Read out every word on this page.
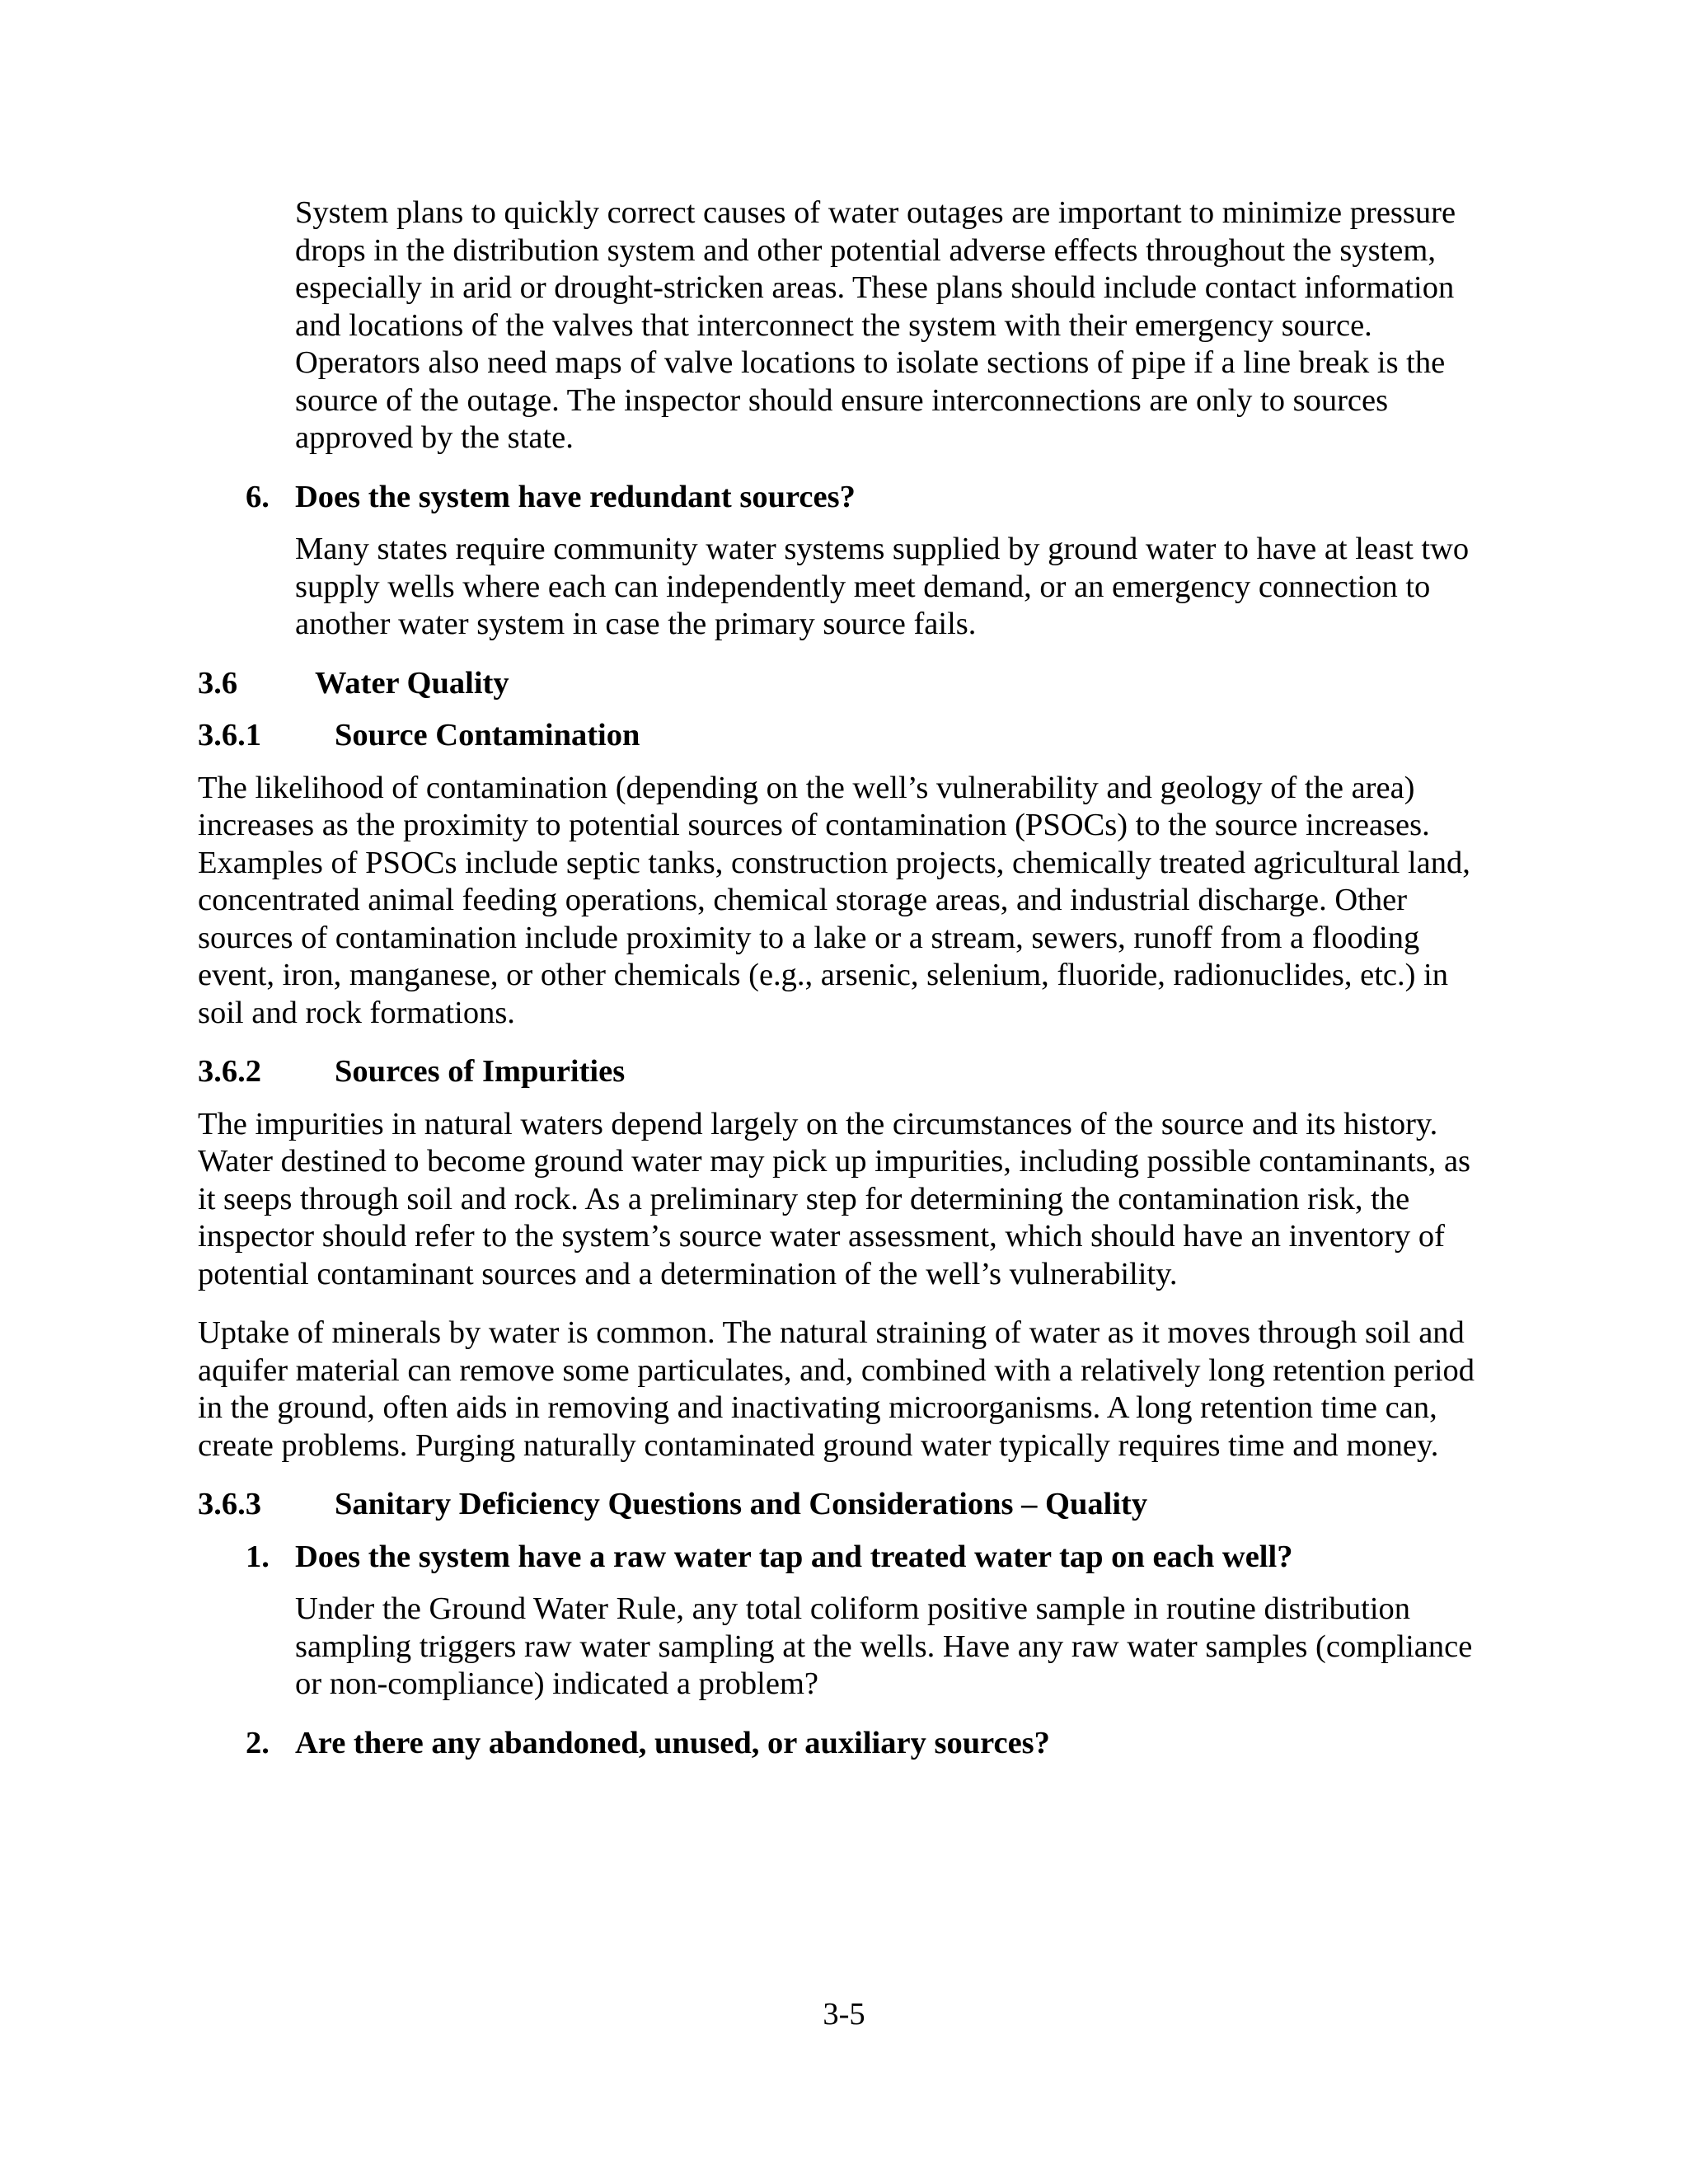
System plans to quickly correct causes of water outages are important to minimize pressure drops in the distribution system and other potential adverse effects throughout the system, especially in arid or drought-stricken areas. These plans should include contact information and locations of the valves that interconnect the system with their emergency source. Operators also need maps of valve locations to isolate sections of pipe if a line break is the source of the outage. The inspector should ensure interconnections are only to sources approved by the state.

6. Does the system have redundant sources?

Many states require community water systems supplied by ground water to have at least two supply wells where each can independently meet demand, or an emergency connection to another water system in case the primary source fails.

3.6	Water Quality
3.6.1	Source Contamination

The likelihood of contamination (depending on the well’s vulnerability and geology of the area) increases as the proximity to potential sources of contamination (PSOCs) to the source increases. Examples of PSOCs include septic tanks, construction projects, chemically treated agricultural land, concentrated animal feeding operations, chemical storage areas, and industrial discharge. Other sources of contamination include proximity to a lake or a stream, sewers, runoff from a flooding event, iron, manganese, or other chemicals (e.g., arsenic, selenium, fluoride, radionuclides, etc.) in soil and rock formations.

3.6.2	Sources of Impurities

The impurities in natural waters depend largely on the circumstances of the source and its history. Water destined to become ground water may pick up impurities, including possible contaminants, as it seeps through soil and rock. As a preliminary step for determining the contamination risk, the inspector should refer to the system’s source water assessment, which should have an inventory of potential contaminant sources and a determination of the well’s vulnerability.

Uptake of minerals by water is common. The natural straining of water as it moves through soil and aquifer material can remove some particulates, and, combined with a relatively long retention period in the ground, often aids in removing and inactivating microorganisms. A long retention time can, create problems. Purging naturally contaminated ground water typically requires time and money.

3.6.3	Sanitary Deficiency Questions and Considerations – Quality
1. Does the system have a raw water tap and treated water tap on each well?

Under the Ground Water Rule, any total coliform positive sample in routine distribution sampling triggers raw water sampling at the wells. Have any raw water samples (compliance or non-compliance) indicated a problem?

2. Are there any abandoned, unused, or auxiliary sources?
3-5
